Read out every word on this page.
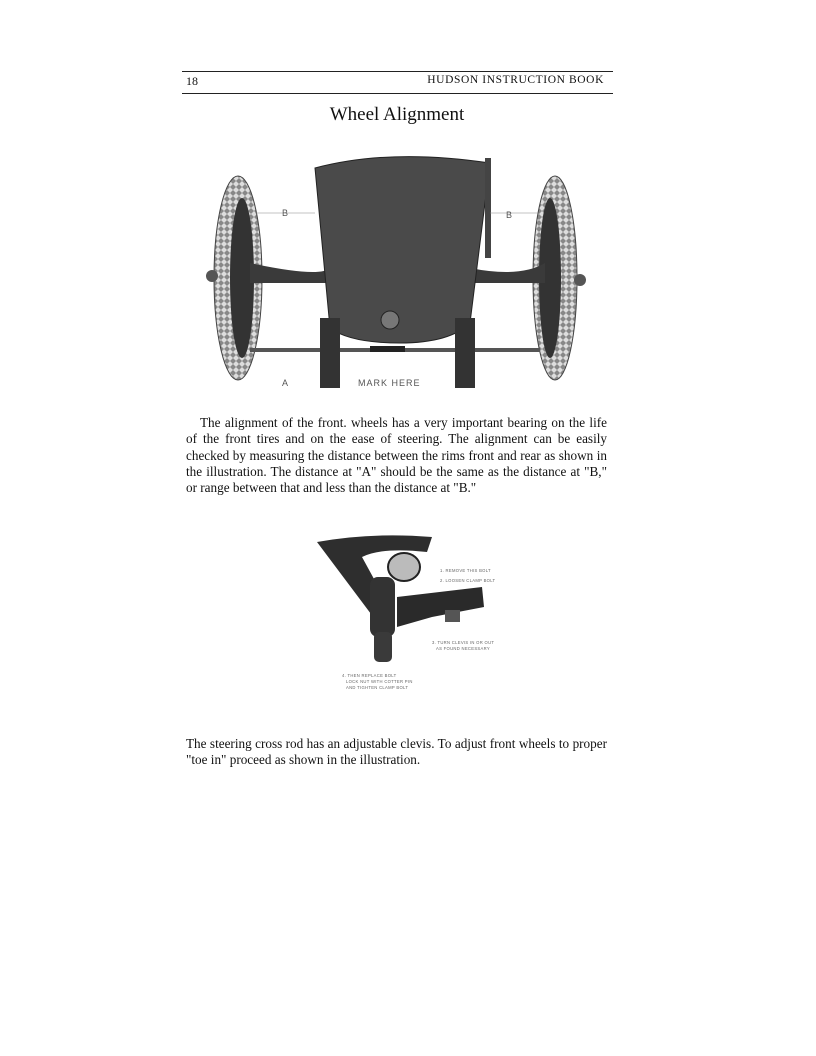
18	HUDSON INSTRUCTION BOOK
Wheel Alignment
B	B
A	MARK HERE
The alignment of the front. wheels has a very important bearing on the life of the front tires and on the ease of steering. The alignment can be easily checked by measuring the distance between the rims front and rear as shown in the illustration. The distance at "A" should be the same as the distance at "B," or range between that and less than the distance at "B."
1. REMOVE THIS BOLT
2. LOOSEN CLAMP BOLT
3. TURN CLEVIS IN OR OUT
AS FOUND NECESSARY
4. THEN REPLACE BOLT
LOCK NUT WITH COTTER PIN
AND TIGHTEN CLAMP BOLT
The steering cross rod has an adjustable clevis. To adjust front wheels to proper "toe in" proceed as shown in the illustration.
